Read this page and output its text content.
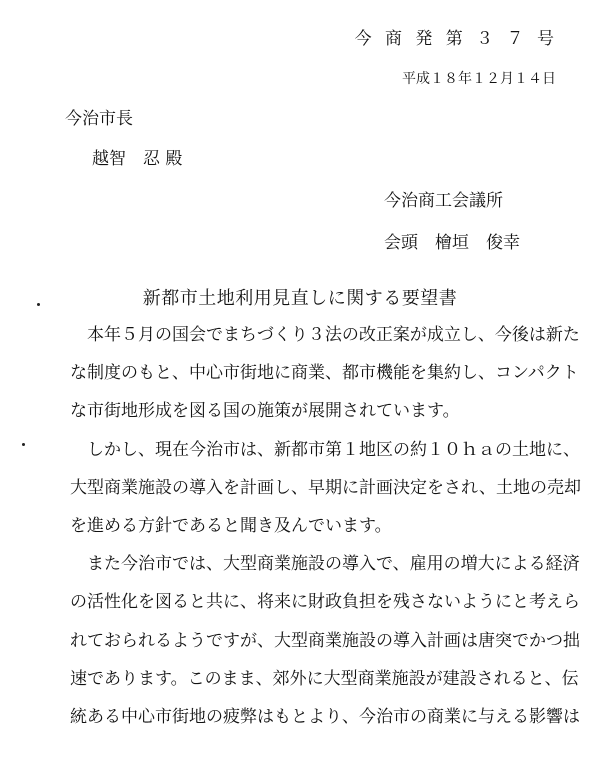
今 商 発 第 ３ ７ 号
平成１８年１２月１４日
今治市長
越智　忍 殿
今治商工会議所
会頭　檜垣　俊幸
新都市土地利用見直しに関する要望書
本年５月の国会でまちづくり３法の改正案が成立し、今後は新た
な制度のもと、中心市街地に商業、都市機能を集約し、コンパクト
な市街地形成を図る国の施策が展開されています。
しかし、現在今治市は、新都市第１地区の約１０ｈａの土地に、
大型商業施設の導入を計画し、早期に計画決定をされ、土地の売却
を進める方針であると聞き及んでいます。
また今治市では、大型商業施設の導入で、雇用の増大による経済
の活性化を図ると共に、将来に財政負担を残さないようにと考えら
れておられるようですが、大型商業施設の導入計画は唐突でかつ拙
速であります。このまま、郊外に大型商業施設が建設されると、伝
統ある中心市街地の疲弊はもとより、今治市の商業に与える影響は
